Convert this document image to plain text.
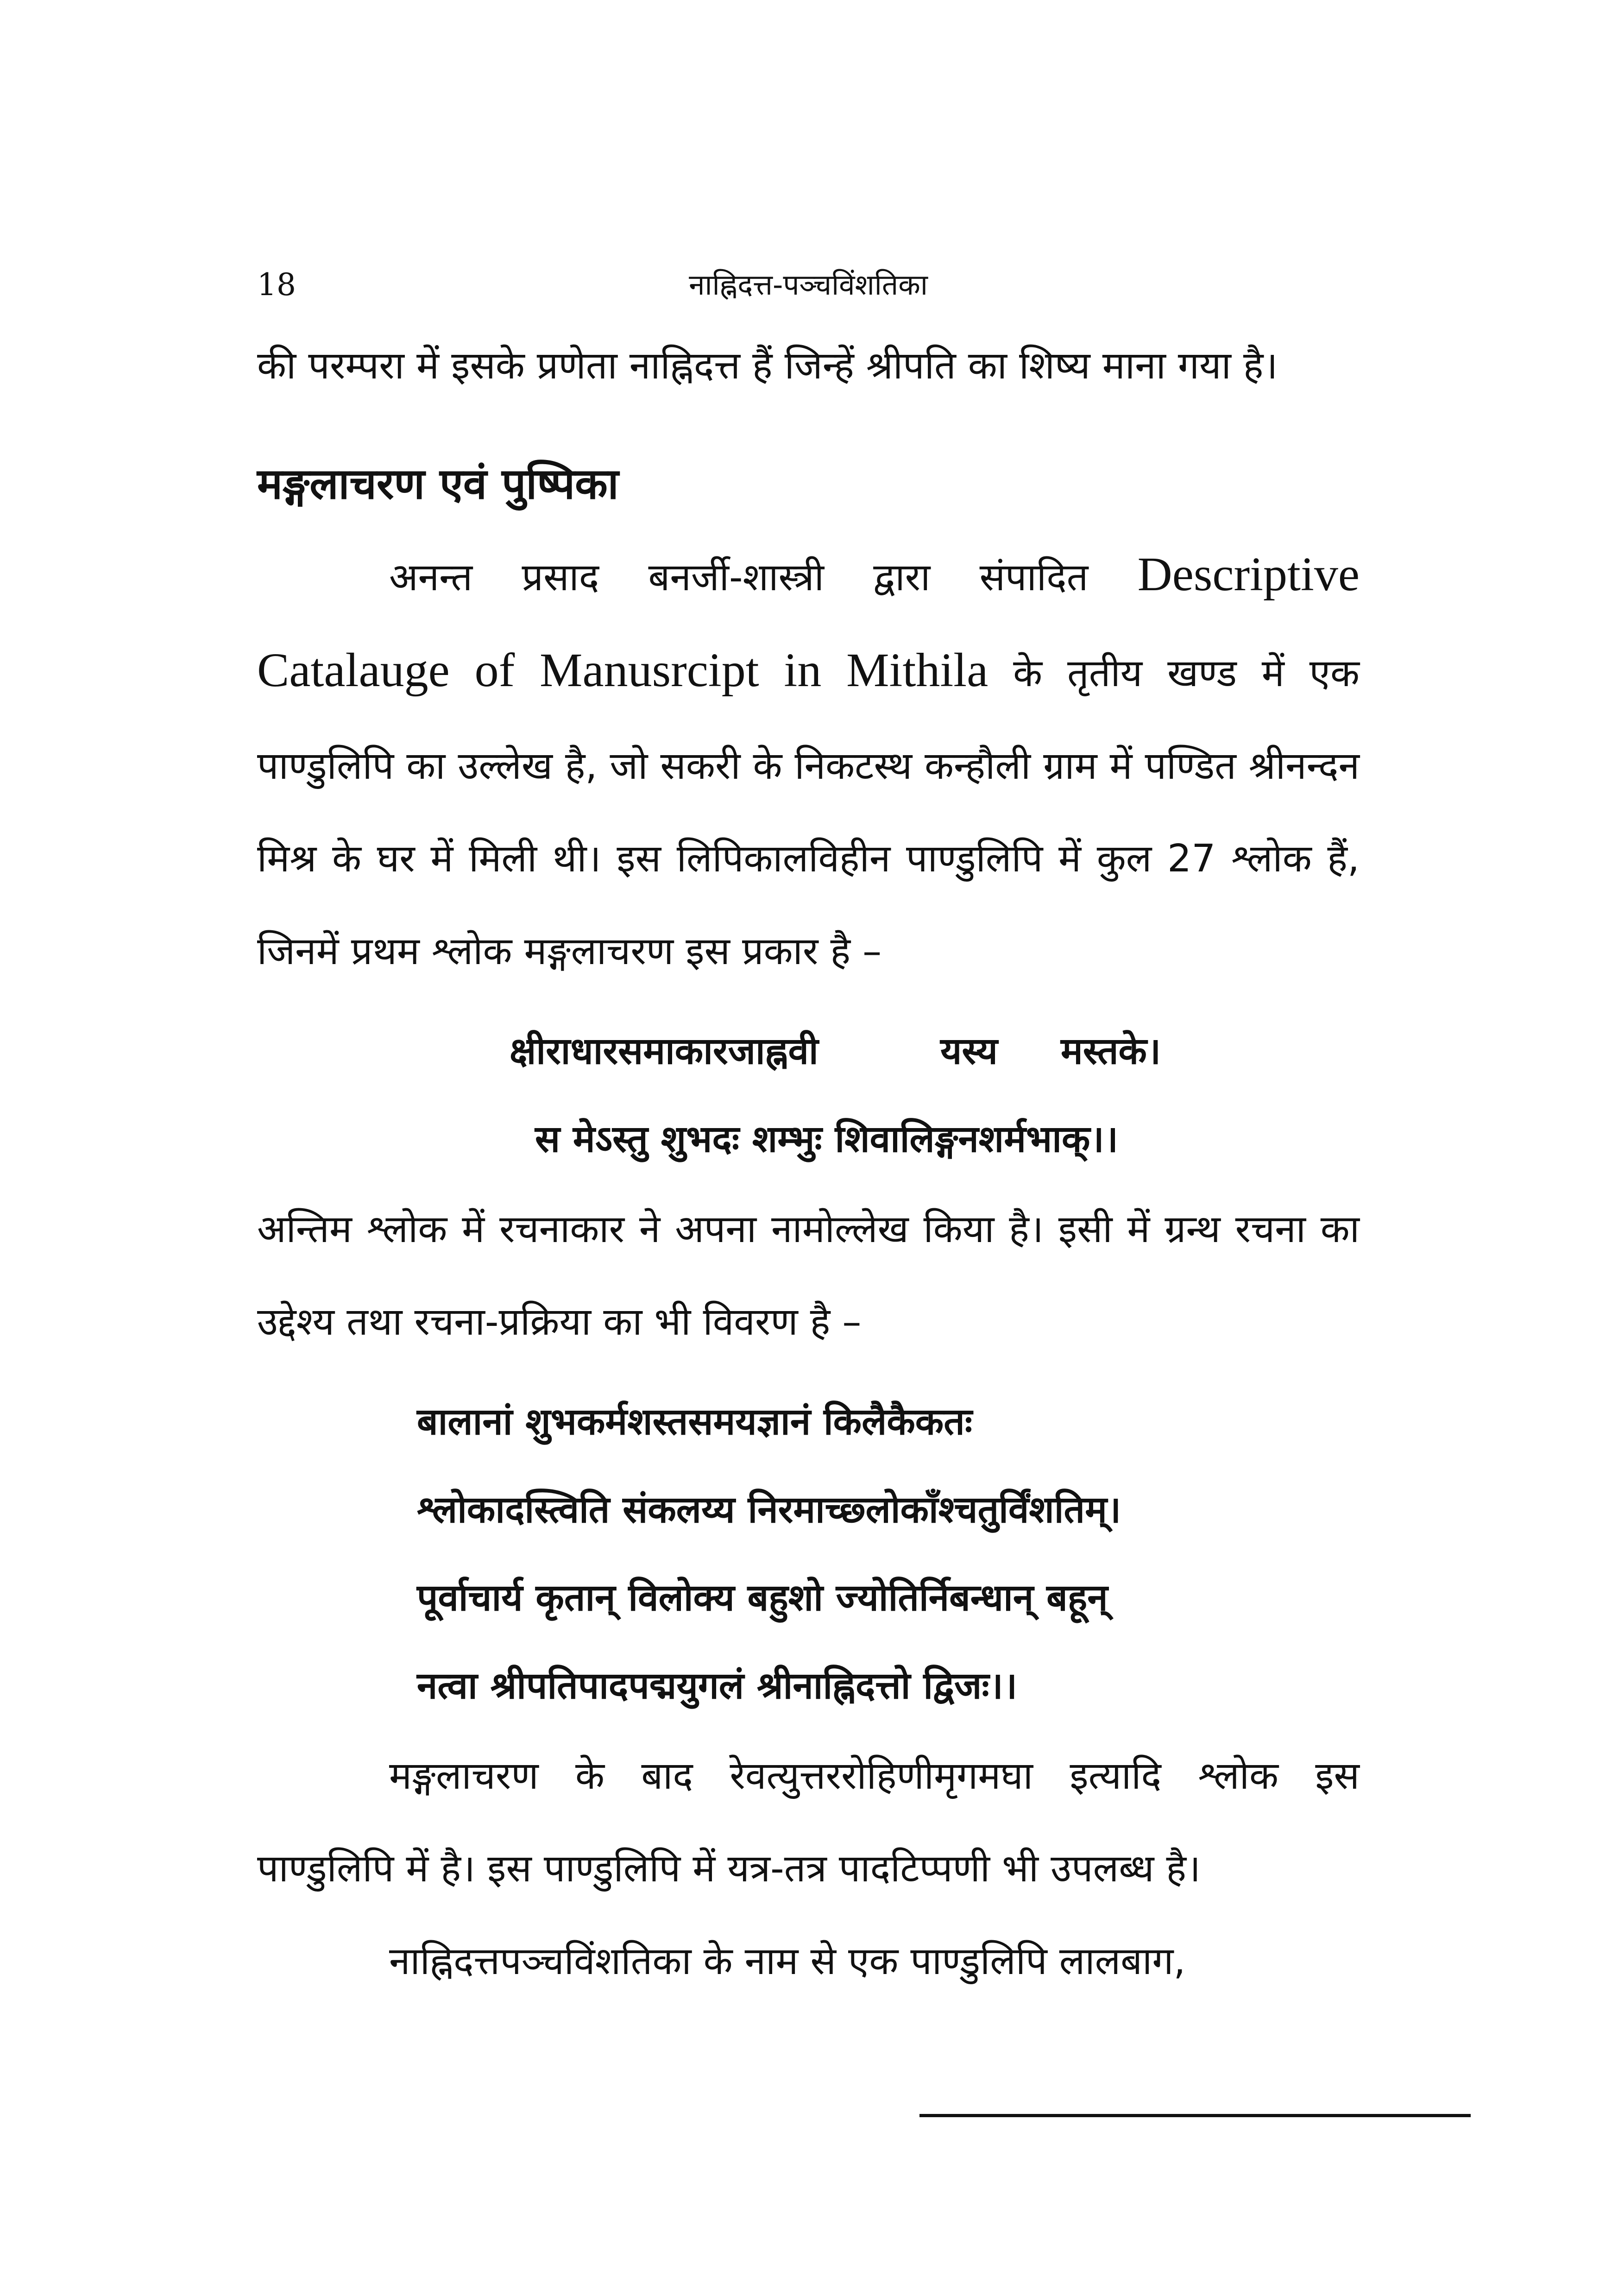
18	नाह्निदत्त-पञ्चविंशतिका

की परम्परा में इसके प्रणेता नाह्निदत्त हैं जिन्हें श्रीपति का शिष्य माना गया है।

मङ्गलाचरण एवं पुष्पिका

अनन्त प्रसाद बनर्जी-शास्त्री द्वारा संपादित Descriptive Catalauge of Manusrcipt in Mithila के तृतीय खण्ड में एक पाण्डुलिपि का उल्लेख है, जो सकरी के निकटस्थ कन्हौली ग्राम में पण्डित श्रीनन्दन मिश्र के घर में मिली थी। इस लिपिकालविहीन पाण्डुलिपि में कुल 27 श्लोक हैं, जिनमें प्रथम श्लोक मङ्गलाचरण इस प्रकार है –

क्षीराधारसमाकारजाह्नवी	यस्य मस्तके।

स मेऽस्तु शुभदः शम्भुः शिवालिङ्गनशर्मभाक्।।

अन्तिम श्लोक में रचनाकार ने अपना नामोल्लेख किया है। इसी में ग्रन्थ रचना का उद्देश्य तथा रचना-प्रक्रिया का भी विवरण है –

बालानां शुभकर्मशस्तसमयज्ञानं किलैकैकतः

श्लोकादस्त्विति संकलय्य निरमाच्छ्लोकाँश्चतुर्विंशतिम्।

पूर्वाचार्य कृतान् विलोक्य बहुशो ज्योतिर्निबन्धान् बहून्

नत्वा श्रीपतिपादपद्मयुगलं श्रीनाह्निदत्तो द्विजः।।

मङ्गलाचरण के बाद रेवत्युत्तररोहिणीमृगमघा इत्यादि श्लोक इस पाण्डुलिपि में है। इस पाण्डुलिपि में यत्र-तत्र पादटिप्पणी भी उपलब्ध है।

नाह्निदत्तपञ्चविंशतिका के नाम से एक पाण्डुलिपि लालबाग,
